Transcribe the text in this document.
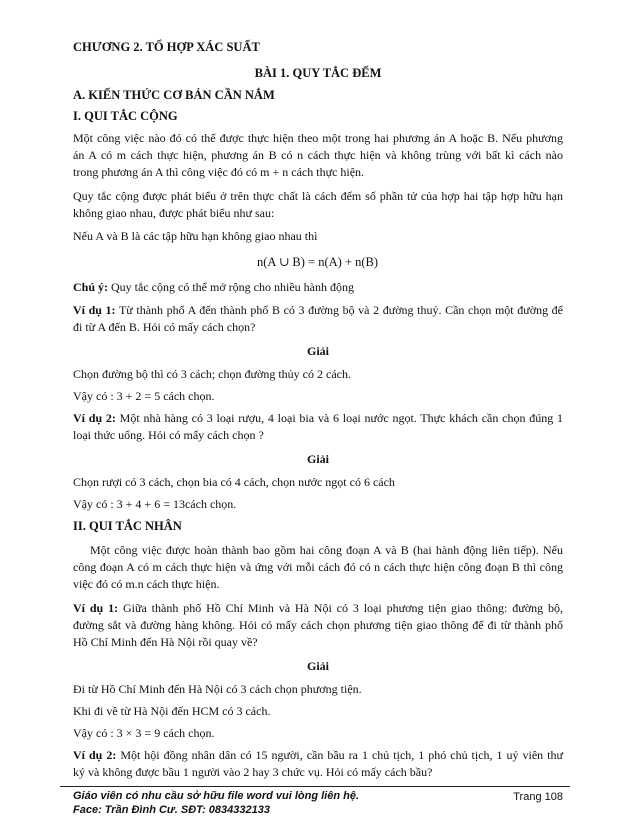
CHƯƠNG 2. TỔ HỢP XÁC SUẤT
BÀI 1. QUY TẮC ĐẾM
A. KIẾN THỨC CƠ BẢN CẦN NẮM
I. QUI TẮC CỘNG
Một công việc nào đó có thể được thực hiện theo một trong hai phương án A hoặc B. Nếu phương
án A có m cách thực hiện, phương án B có n cách thực hiện và không trùng với bất kì cách nào
trong phương án A thì công việc đó có m + n cách thực hiện.
Quy tắc cộng được phát biểu ở trên thực chất là cách đếm số phần tử của hợp hai tập hợp hữu hạn
không giao nhau, được phát biểu như sau:
Nếu A và B là các tập hữu hạn không giao nhau thì
n(A ∪ B) = n(A) + n(B)
Chú ý: Quy tắc cộng có thể mở rộng cho nhiều hành động
Ví dụ 1: Từ thành phố A đến thành phố B có 3 đường bộ và 2 đường thuỷ. Cần chọn một đường để
đi từ A đến B. Hỏi có mấy cách chọn?
Giải
Chọn đường bộ thì có 3 cách; chọn đường thủy có 2 cách.
Vậy có : 3 + 2 = 5 cách chọn.
Ví dụ 2: Một nhà hàng có 3 loại rượu, 4 loại bia và 6 loại nước ngọt. Thực khách cần chọn đúng 1
loại thức uống. Hỏi có mấy cách chọn ?
Giải
Chọn rượi có 3 cách, chọn bia có 4 cách, chọn nước ngọt có 6 cách
Vậy có : 3 + 4 + 6 = 13cách chọn.
II. QUI TẮC NHÂN
Một công việc được hoàn thành bao gồm hai công đoạn A và B (hai hành động liên tiếp). Nếu
công đoạn A có m cách thực hiện và ứng với mỗi cách đó có n cách thực hiện công đoạn B thì công
việc đó có m.n cách thực hiện.
Ví dụ 1: Giữa thành phố Hồ Chí Minh và Hà Nội có 3 loại phương tiện giao thông: đường bộ,
đường sắt và đường hàng không. Hỏi có mấy cách chọn phương tiện giao thông để đi từ thành phố
Hồ Chí Minh đến Hà Nội rồi quay về?
Giải
Đi từ Hồ Chí Minh đến Hà Nội có 3 cách chọn phương tiện.
Khi đi về từ Hà Nội đến HCM có 3 cách.
Vậy có : 3 × 3 = 9 cách chọn.
Ví dụ 2: Một hội đồng nhân dân có 15 người, cần bầu ra 1 chủ tịch, 1 phó chủ tịch, 1 uỷ viên thư
ký và không được bầu 1 người vào 2 hay 3 chức vụ. Hỏi có mấy cách bầu?
Giáo viên có nhu cầu sở hữu file word vui lòng liên hệ.
Face: Trần Đình Cư. SĐT: 0834332133
Trang 108
